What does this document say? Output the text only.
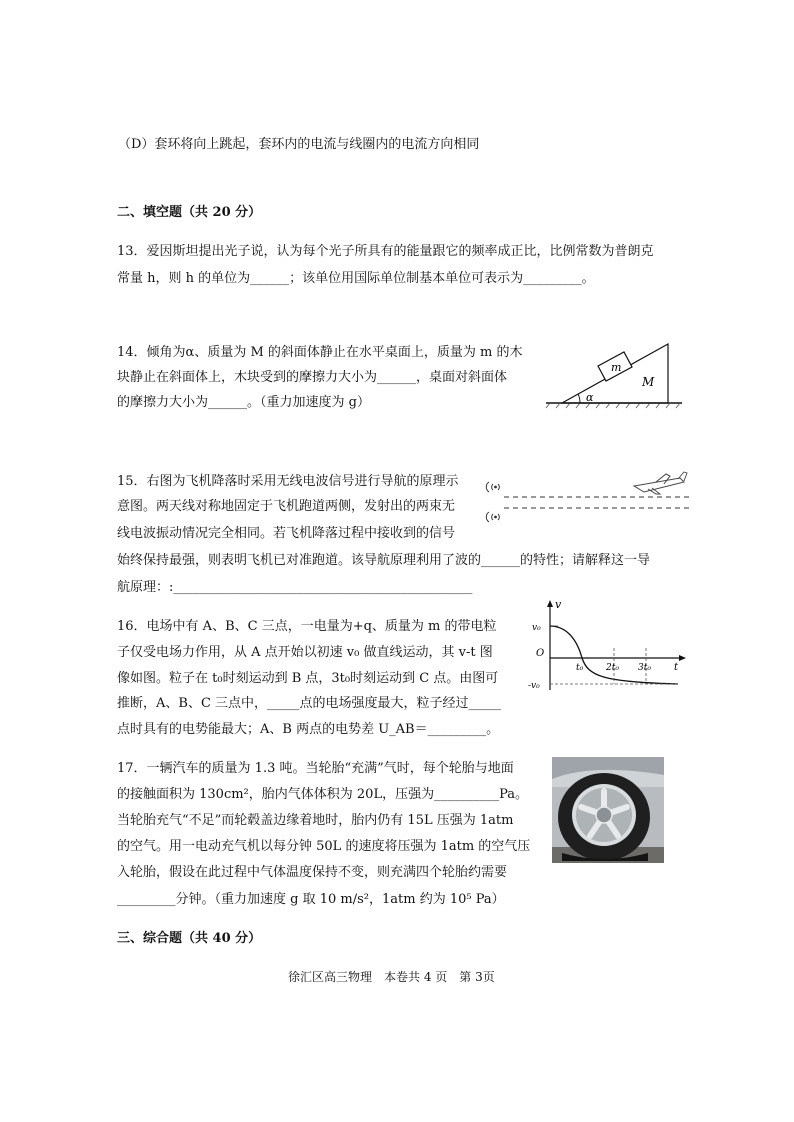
（D）套环将向上跳起，套环内的电流与线圈内的电流方向相同
二、填空题（共 20 分）
13．爱因斯坦提出光子说，认为每个光子所具有的能量跟它的频率成正比，比例常数为普朗克
常量 h，则 h 的单位为______；该单位用国际单位制基本单位可表示为_________。
14．倾角为α、质量为 M 的斜面体静止在水平桌面上，质量为 m 的木
块静止在斜面体上，木块受到的摩擦力大小为______，桌面对斜面体
的摩擦力大小为______。（重力加速度为 g）
m
M
α
15．右图为飞机降落时采用无线电波信号进行导航的原理示
意图。两天线对称地固定于飞机跑道两侧，发射出的两束无
线电波振动情况完全相同。若飞机降落过程中接收到的信号
始终保持最强，则表明飞机已对准跑道。该导航原理利用了波的______的特性；请解释这一导
航原理：:______________________________________________
16．电场中有 A、B、C 三点，一电量为+q、质量为 m 的带电粒
子仅受电场力作用，从 A 点开始以初速 v₀ 做直线运动，其 v-t 图
像如图。粒子在 t₀时刻运动到 B 点，3t₀时刻运动到 C 点。由图可
推断，A、B、C 三点中，_____点的电场强度最大，粒子经过_____
点时具有的电势能最大；A、B 两点的电势差 U_AB＝_________。
v
v₀
O
t₀	2t₀ 3t₀ t
-v₀
17．一辆汽车的质量为 1.3 吨。当轮胎“充满”气时，每个轮胎与地面
的接触面积为 130cm²，胎内气体体积为 20L，压强为__________Pa。
当轮胎充气“不足”而轮毂盖边缘着地时，胎内仍有 15L 压强为 1atm
的空气。用一电动充气机以每分钟 50L 的速度将压强为 1atm 的空气压
入轮胎，假设在此过程中气体温度保持不变，则充满四个轮胎约需要
_________分钟。（重力加速度 g 取 10 m/s²，1atm 约为 10⁵ Pa）
三、综合题（共 40 分）
徐汇区高三物理　本卷共 4 页　第 3页
